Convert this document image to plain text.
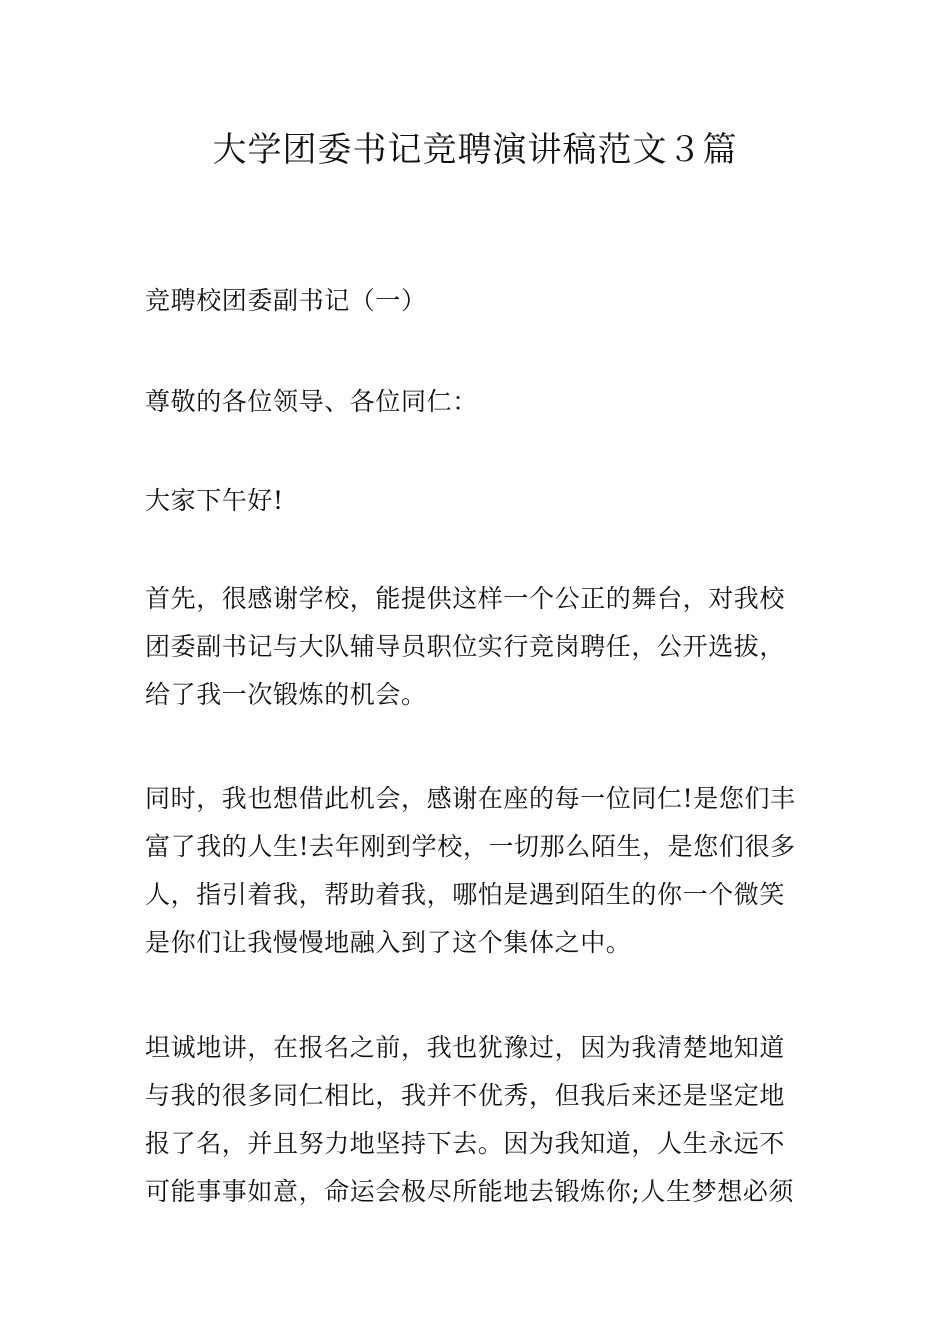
大学团委书记竞聘演讲稿范文３篇

竞聘校团委副书记（一）

尊敬的各位领导、各位同仁：

大家下午好!

首先，很感谢学校，能提供这样一个公正的舞台，对我校
团委副书记与大队辅导员职位实行竞岗聘任，公开选拔，
给了我一次锻炼的机会。

同时，我也想借此机会，感谢在座的每一位同仁!是您们丰
富了我的人生!去年刚到学校，一切那么陌生，是您们很多
人，指引着我，帮助着我，哪怕是遇到陌生的你一个微笑
是你们让我慢慢地融入到了这个集体之中。

坦诚地讲，在报名之前，我也犹豫过，因为我清楚地知道
与我的很多同仁相比，我并不优秀，但我后来还是坚定地
报了名，并且努力地坚持下去。因为我知道，人生永远不
可能事事如意，命运会极尽所能地去锻炼你;人生梦想必须
